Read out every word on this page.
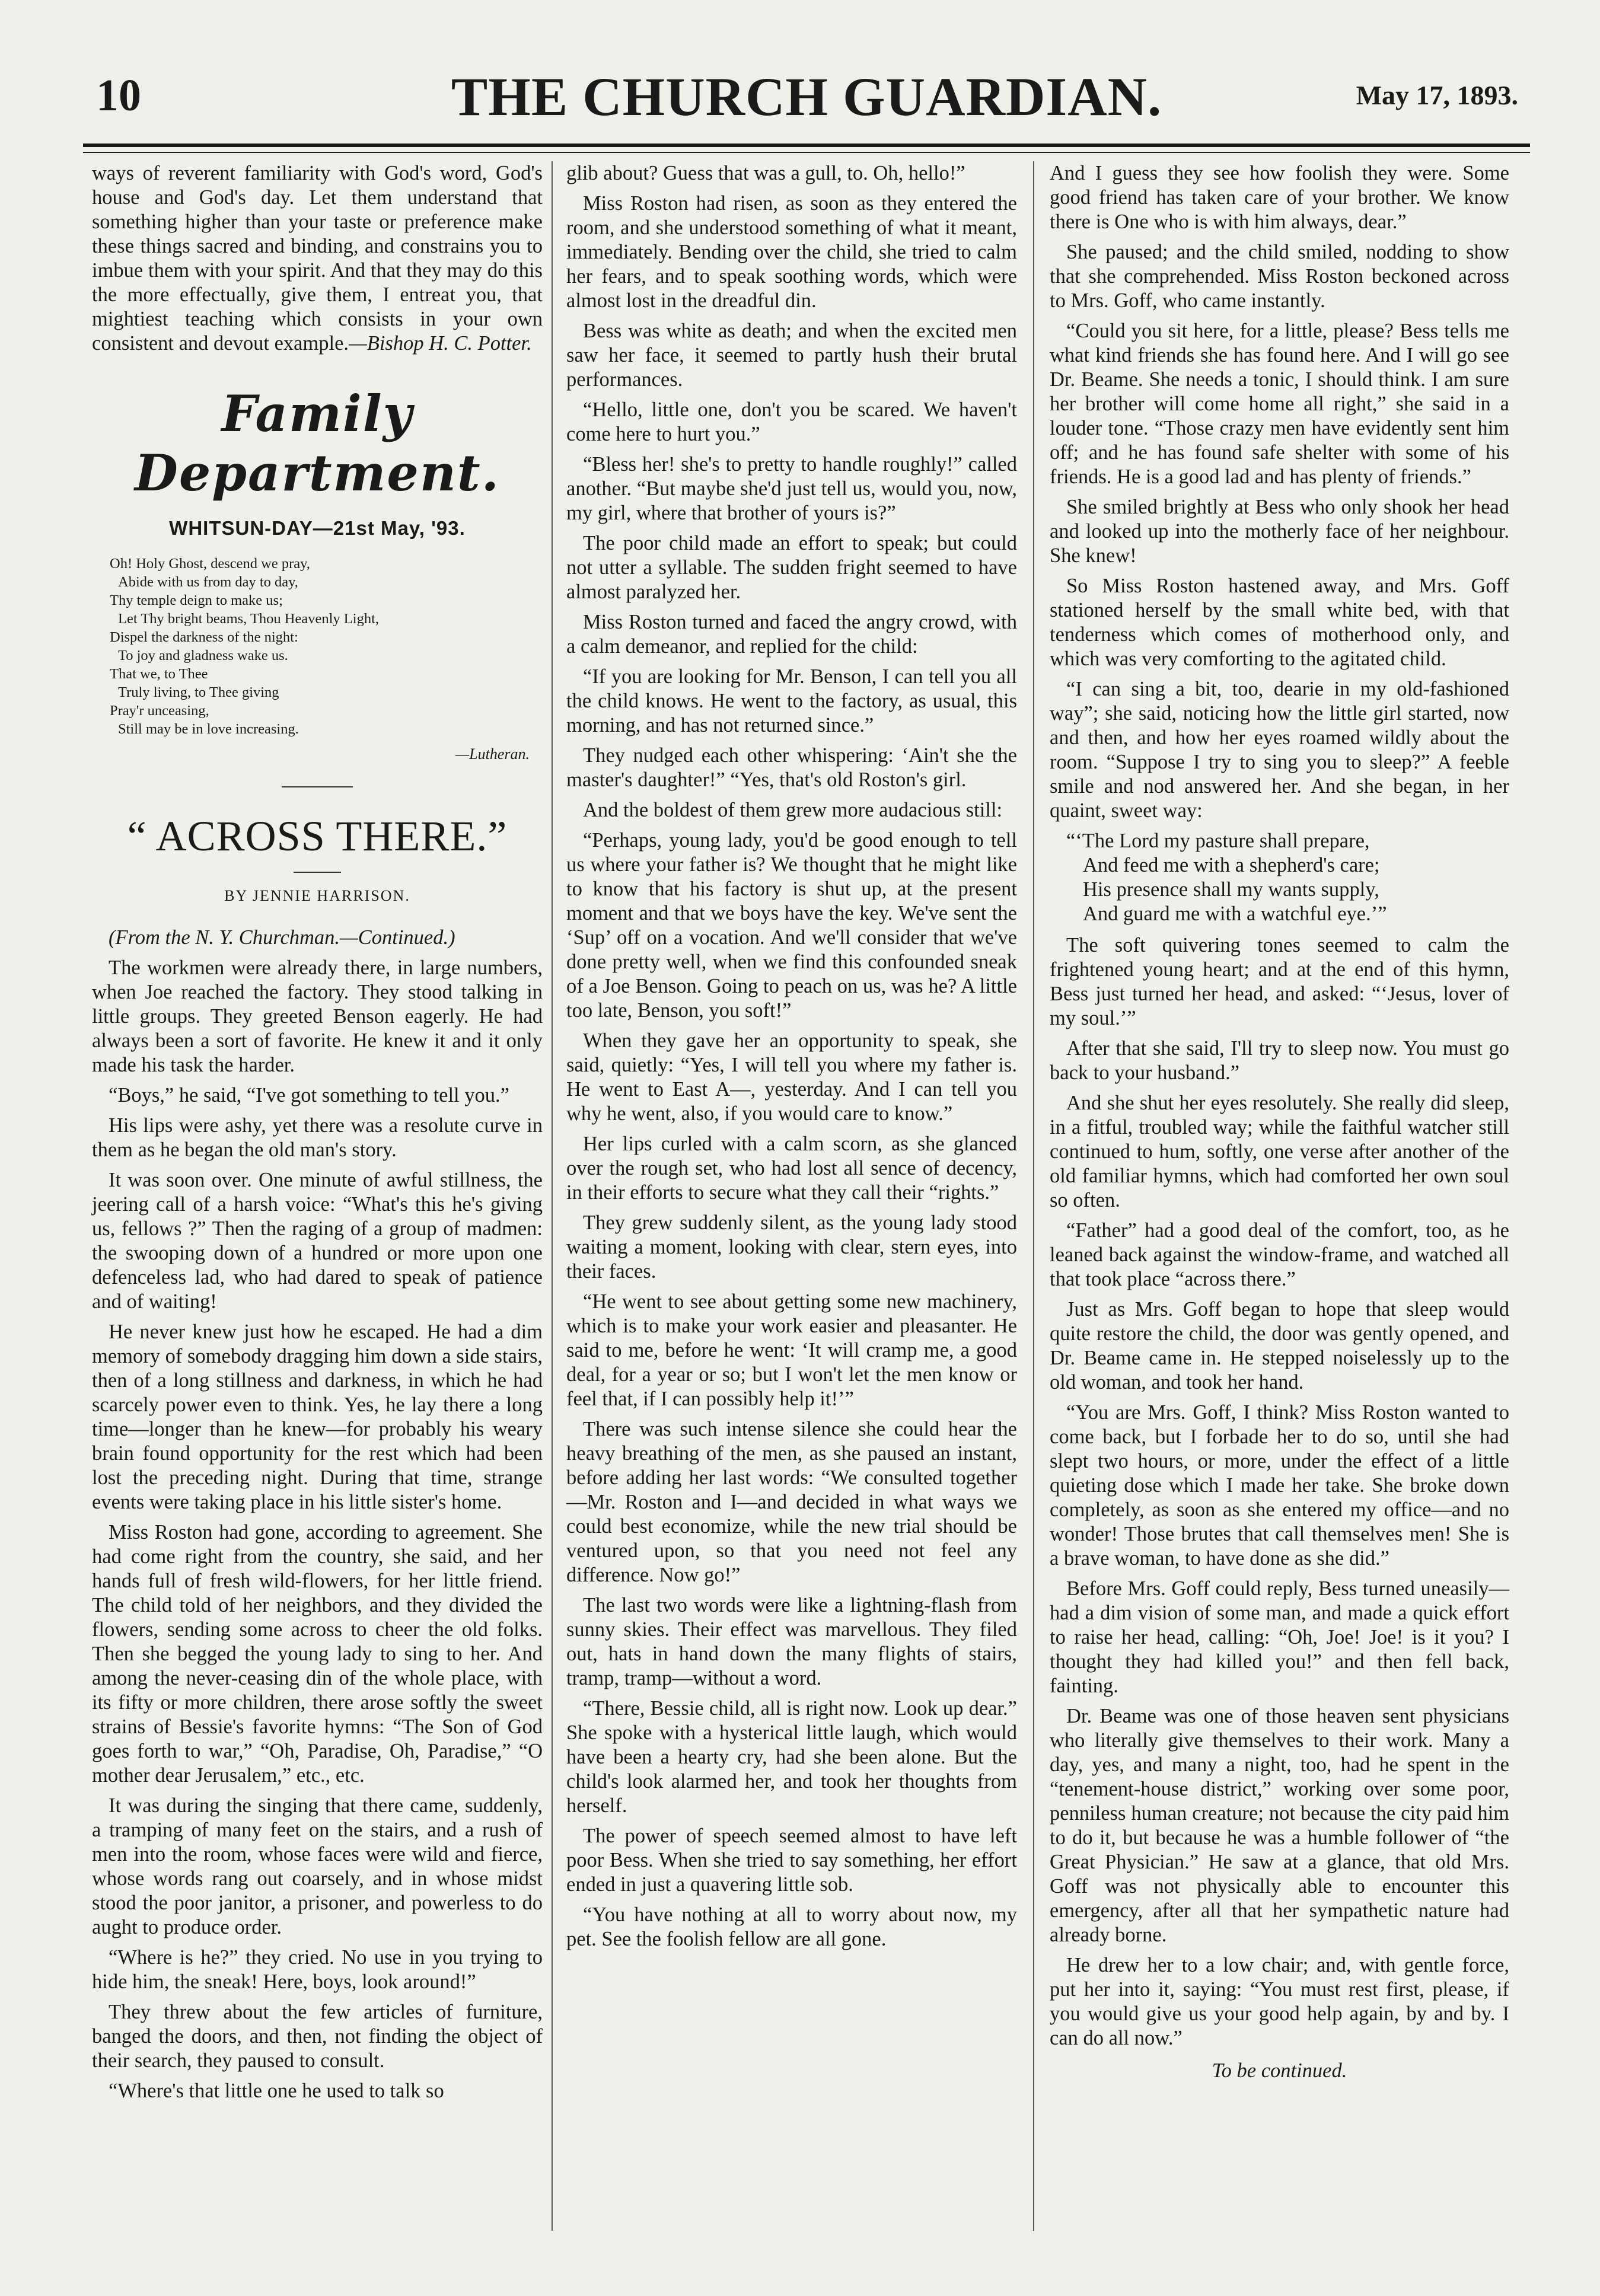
10	THE CHURCH GUARDIAN.	May 17, 1893.

ways of reverent familiarity with God's word, God's house and God's day. Let them understand that something higher than your taste or preference make these things sacred and binding, and constrains you to imbue them with your spirit. And that they may do this the more effectually, give them, I entreat you, that mightiest teaching which consists in your own consistent and devout example.—Bishop H. C. Potter.

Family Department.
WHITSUN-DAY—21st May, '93.
Oh! Holy Ghost, descend we pray,
Abide with us from day to day,
Thy temple deign to make us;
Let Thy bright beams, Thou Heavenly Light,
Dispel the darkness of the night:
To joy and gladness wake us.
That we, to Thee
Truly living, to Thee giving
Pray'r unceasing,
Still may be in love increasing.
—Lutheran.
“ ACROSS THERE.”
BY JENNIE HARRISON.

(From the N. Y. Churchman.—Continued.)

The workmen were already there, in large numbers, when Joe reached the factory. They stood talking in little groups. They greeted Benson eagerly. He had always been a sort of favorite. He knew it and it only made his task the harder.

“Boys,” he said, “I've got something to tell you.”

His lips were ashy, yet there was a resolute curve in them as he began the old man's story.

It was soon over. One minute of awful stillness, the jeering call of a harsh voice: “What's this he's giving us, fellows ?” Then the raging of a group of madmen: the swooping down of a hundred or more upon one defenceless lad, who had dared to speak of patience and of waiting!

He never knew just how he escaped. He had a dim memory of somebody dragging him down a side stairs, then of a long stillness and darkness, in which he had scarcely power even to think. Yes, he lay there a long time—longer than he knew—for probably his weary brain found opportunity for the rest which had been lost the preceding night. During that time, strange events were taking place in his little sister's home.

Miss Roston had gone, according to agreement. She had come right from the country, she said, and her hands full of fresh wild-flowers, for her little friend. The child told of her neighbors, and they divided the flowers, sending some across to cheer the old folks. Then she begged the young lady to sing to her. And among the never-ceasing din of the whole place, with its fifty or more children, there arose softly the sweet strains of Bessie's favorite hymns: “The Son of God goes forth to war,” “Oh, Paradise, Oh, Paradise,” “O mother dear Jerusalem,” etc., etc.

It was during the singing that there came, suddenly, a tramping of many feet on the stairs, and a rush of men into the room, whose faces were wild and fierce, whose words rang out coarsely, and in whose midst stood the poor janitor, a prisoner, and powerless to do aught to produce order.

“Where is he?” they cried. No use in you trying to hide him, the sneak! Here, boys, look around!”

They threw about the few articles of furniture, banged the doors, and then, not finding the object of their search, they paused to consult.

“Where's that little one he used to talk so

glib about? Guess that was a gull, to. Oh, hello!”

Miss Roston had risen, as soon as they entered the room, and she understood something of what it meant, immediately. Bending over the child, she tried to calm her fears, and to speak soothing words, which were almost lost in the dreadful din.

Bess was white as death; and when the excited men saw her face, it seemed to partly hush their brutal performances.

“Hello, little one, don't you be scared. We haven't come here to hurt you.”

“Bless her! she's to pretty to handle roughly!” called another. “But maybe she'd just tell us, would you, now, my girl, where that brother of yours is?”

The poor child made an effort to speak; but could not utter a syllable. The sudden fright seemed to have almost paralyzed her.

Miss Roston turned and faced the angry crowd, with a calm demeanor, and replied for the child:

“If you are looking for Mr. Benson, I can tell you all the child knows. He went to the factory, as usual, this morning, and has not returned since.”

They nudged each other whispering: ‘Ain't she the master's daughter!” “Yes, that's old Roston's girl.

And the boldest of them grew more audacious still:

“Perhaps, young lady, you'd be good enough to tell us where your father is? We thought that he might like to know that his factory is shut up, at the present moment and that we boys have the key. We've sent the ‘Sup’ off on a vocation. And we'll consider that we've done pretty well, when we find this confounded sneak of a Joe Benson. Going to peach on us, was he? A little too late, Benson, you soft!”

When they gave her an opportunity to speak, she said, quietly: “Yes, I will tell you where my father is. He went to East A—, yesterday. And I can tell you why he went, also, if you would care to know.”

Her lips curled with a calm scorn, as she glanced over the rough set, who had lost all sence of decency, in their efforts to secure what they call their “rights.”

They grew suddenly silent, as the young lady stood waiting a moment, looking with clear, stern eyes, into their faces.

“He went to see about getting some new machinery, which is to make your work easier and pleasanter. He said to me, before he went: ‘It will cramp me, a good deal, for a year or so; but I won't let the men know or feel that, if I can possibly help it!’”

There was such intense silence she could hear the heavy breathing of the men, as she paused an instant, before adding her last words: “We consulted together—Mr. Roston and I—and decided in what ways we could best economize, while the new trial should be ventured upon, so that you need not feel any difference. Now go!”

The last two words were like a lightning-flash from sunny skies. Their effect was marvellous. They filed out, hats in hand down the many flights of stairs, tramp, tramp—without a word.

“There, Bessie child, all is right now. Look up dear.” She spoke with a hysterical little laugh, which would have been a hearty cry, had she been alone. But the child's look alarmed her, and took her thoughts from herself.

The power of speech seemed almost to have left poor Bess. When she tried to say something, her effort ended in just a quavering little sob.

“You have nothing at all to worry about now, my pet. See the foolish fellow are all gone.

And I guess they see how foolish they were. Some good friend has taken care of your brother. We know there is One who is with him always, dear.”

She paused; and the child smiled, nodding to show that she comprehended. Miss Roston beckoned across to Mrs. Goff, who came instantly.

“Could you sit here, for a little, please? Bess tells me what kind friends she has found here. And I will go see Dr. Beame. She needs a tonic, I should think. I am sure her brother will come home all right,” she said in a louder tone. “Those crazy men have evidently sent him off; and he has found safe shelter with some of his friends. He is a good lad and has plenty of friends.”

She smiled brightly at Bess who only shook her head and looked up into the motherly face of her neighbour. She knew!

So Miss Roston hastened away, and Mrs. Goff stationed herself by the small white bed, with that tenderness which comes of motherhood only, and which was very comforting to the agitated child.

“I can sing a bit, too, dearie in my old-fashioned way”; she said, noticing how the little girl started, now and then, and how her eyes roamed wildly about the room. “Suppose I try to sing you to sleep?” A feeble smile and nod answered her. And she began, in her quaint, sweet way:

“‘The Lord my pasture shall prepare,
And feed me with a shepherd's care;
His presence shall my wants supply,
And guard me with a watchful eye.’”

The soft quivering tones seemed to calm the frightened young heart; and at the end of this hymn, Bess just turned her head, and asked: “‘Jesus, lover of my soul.’”

After that she said, I'll try to sleep now. You must go back to your husband.”

And she shut her eyes resolutely. She really did sleep, in a fitful, troubled way; while the faithful watcher still continued to hum, softly, one verse after another of the old familiar hymns, which had comforted her own soul so often.

“Father” had a good deal of the comfort, too, as he leaned back against the window-frame, and watched all that took place “across there.”

Just as Mrs. Goff began to hope that sleep would quite restore the child, the door was gently opened, and Dr. Beame came in. He stepped noiselessly up to the old woman, and took her hand.

“You are Mrs. Goff, I think? Miss Roston wanted to come back, but I forbade her to do so, until she had slept two hours, or more, under the effect of a little quieting dose which I made her take. She broke down completely, as soon as she entered my office—and no wonder! Those brutes that call themselves men! She is a brave woman, to have done as she did.”

Before Mrs. Goff could reply, Bess turned uneasily—had a dim vision of some man, and made a quick effort to raise her head, calling: “Oh, Joe! Joe! is it you? I thought they had killed you!” and then fell back, fainting.

Dr. Beame was one of those heaven sent physicians who literally give themselves to their work. Many a day, yes, and many a night, too, had he spent in the “tenement-house district,” working over some poor, penniless human creature; not because the city paid him to do it, but because he was a humble follower of “the Great Physician.” He saw at a glance, that old Mrs. Goff was not physically able to encounter this emergency, after all that her sympathetic nature had already borne.

He drew her to a low chair; and, with gentle force, put her into it, saying: “You must rest first, please, if you would give us your good help again, by and by. I can do all now.”

To be continued.
